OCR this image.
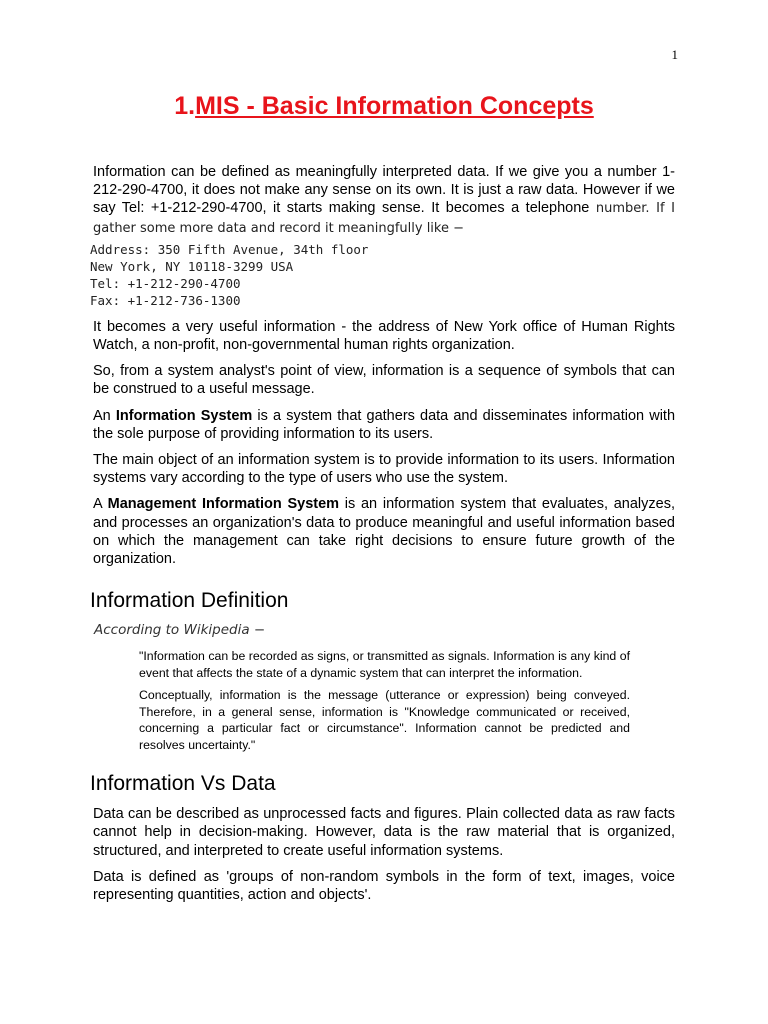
1
1.MIS - Basic Information Concepts

Information can be defined as meaningfully interpreted data. If we give you a number 1-212-290-4700, it does not make any sense on its own. It is just a raw data. However if we say Tel: +1-212-290-4700, it starts making sense. It becomes a telephone number. If I gather some more data and record it meaningfully like −

Address: 350 Fifth Avenue, 34th floor
New York, NY 10118-3299 USA
Tel: +1-212-290-4700
Fax: +1-212-736-1300

It becomes a very useful information - the address of New York office of Human Rights Watch, a non-profit, non-governmental human rights organization.

So, from a system analyst's point of view, information is a sequence of symbols that can be construed to a useful message.

An Information System is a system that gathers data and disseminates information with the sole purpose of providing information to its users.

The main object of an information system is to provide information to its users. Information systems vary according to the type of users who use the system.

A Management Information System is an information system that evaluates, analyzes, and processes an organization's data to produce meaningful and useful information based on which the management can take right decisions to ensure future growth of the organization.

Information Definition
According to Wikipedia −

"Information can be recorded as signs, or transmitted as signals. Information is any kind of event that affects the state of a dynamic system that can interpret the information.

Conceptually, information is the message (utterance or expression) being conveyed. Therefore, in a general sense, information is "Knowledge communicated or received, concerning a particular fact or circumstance". Information cannot be predicted and resolves uncertainty."

Information Vs Data

Data can be described as unprocessed facts and figures. Plain collected data as raw facts cannot help in decision-making. However, data is the raw material that is organized, structured, and interpreted to create useful information systems.

Data is defined as 'groups of non-random symbols in the form of text, images, voice representing quantities, action and objects'.
